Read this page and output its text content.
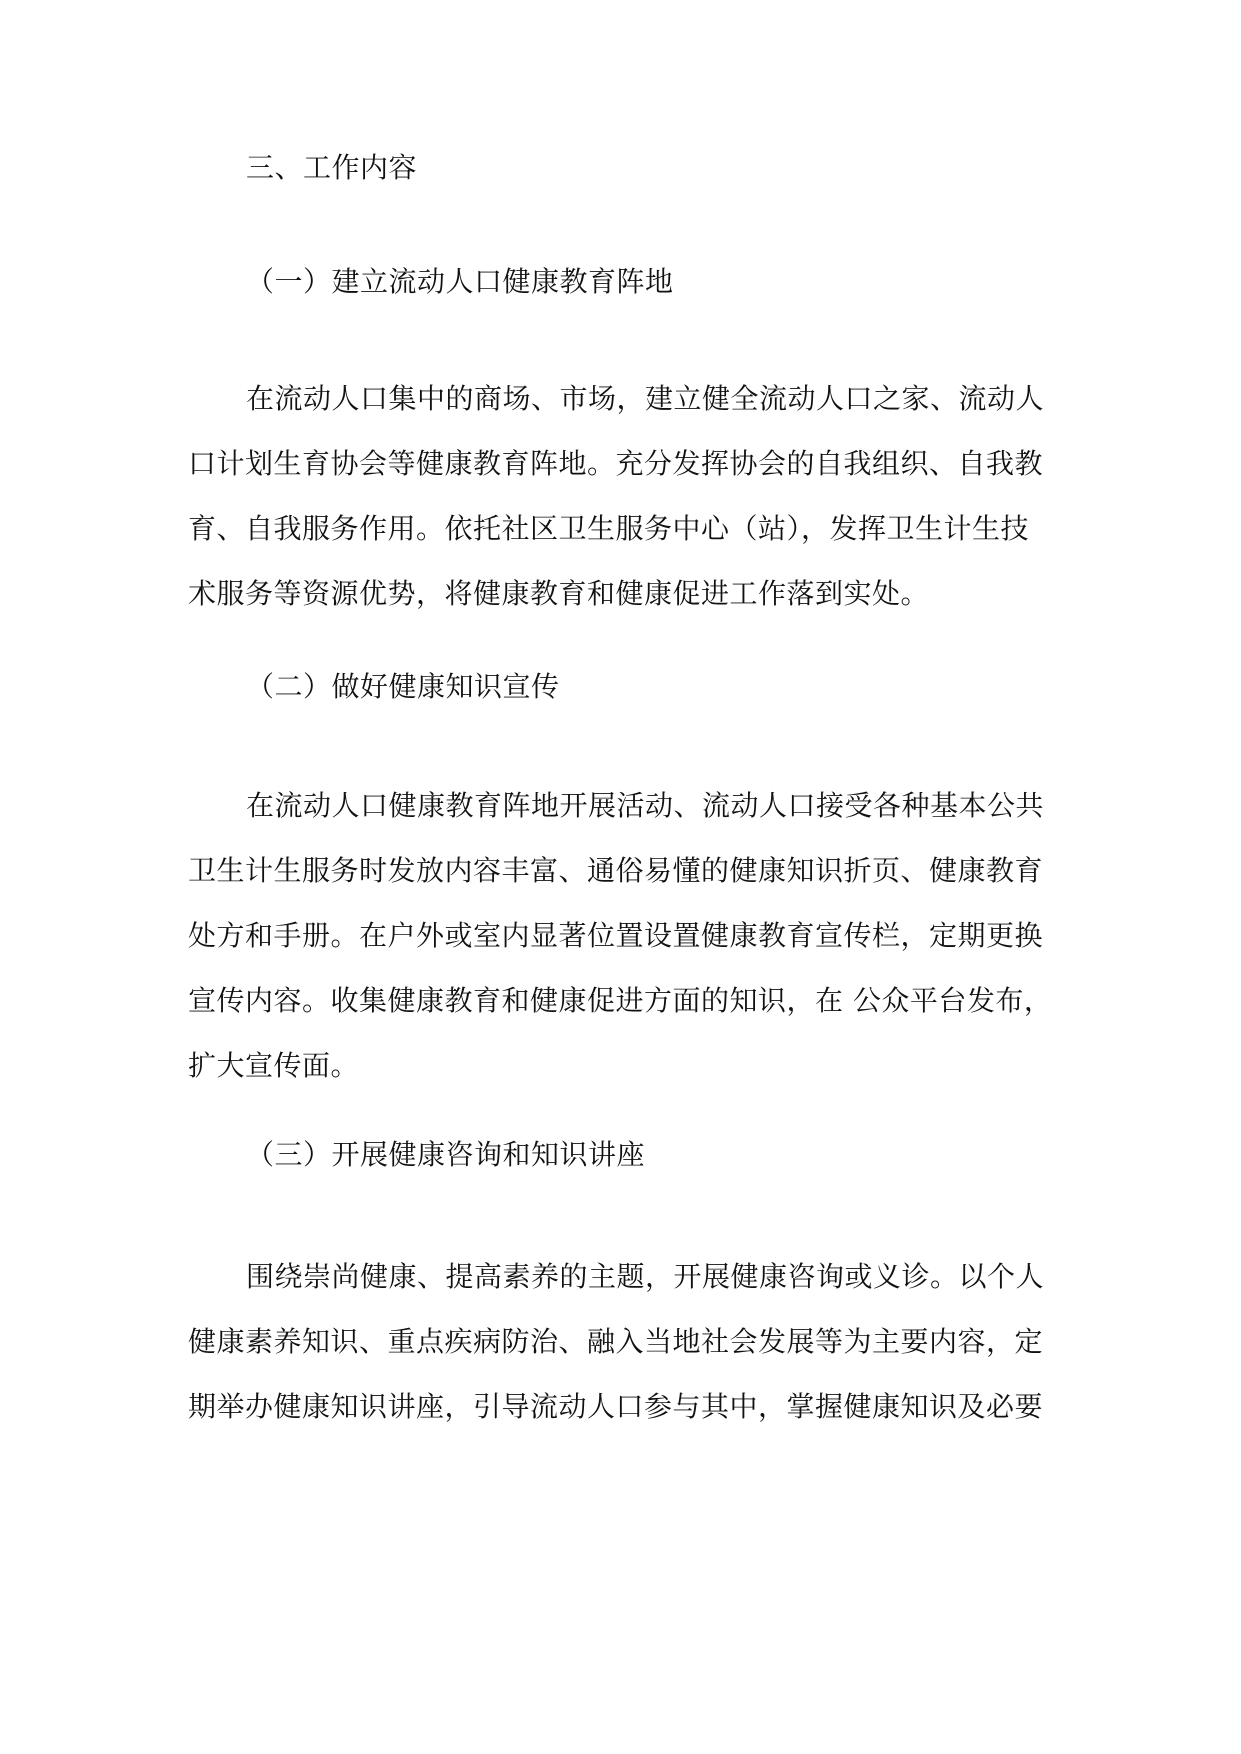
三、工作内容
（一）建立流动人口健康教育阵地
在流动人口集中的商场、市场，建立健全流动人口之家、流动人
口计划生育协会等健康教育阵地。充分发挥协会的自我组织、自我教
育、自我服务作用。依托社区卫生服务中心（站），发挥卫生计生技
术服务等资源优势，将健康教育和健康促进工作落到实处。
（二）做好健康知识宣传
在流动人口健康教育阵地开展活动、流动人口接受各种基本公共
卫生计生服务时发放内容丰富、通俗易懂的健康知识折页、健康教育
处方和手册。在户外或室内显著位置设置健康教育宣传栏，定期更换
宣传内容。收集健康教育和健康促进方面的知识，在 公众平台发布，
扩大宣传面。
（三）开展健康咨询和知识讲座
围绕崇尚健康、提高素养的主题，开展健康咨询或义诊。以个人
健康素养知识、重点疾病防治、融入当地社会发展等为主要内容，定
期举办健康知识讲座，引导流动人口参与其中，掌握健康知识及必要
